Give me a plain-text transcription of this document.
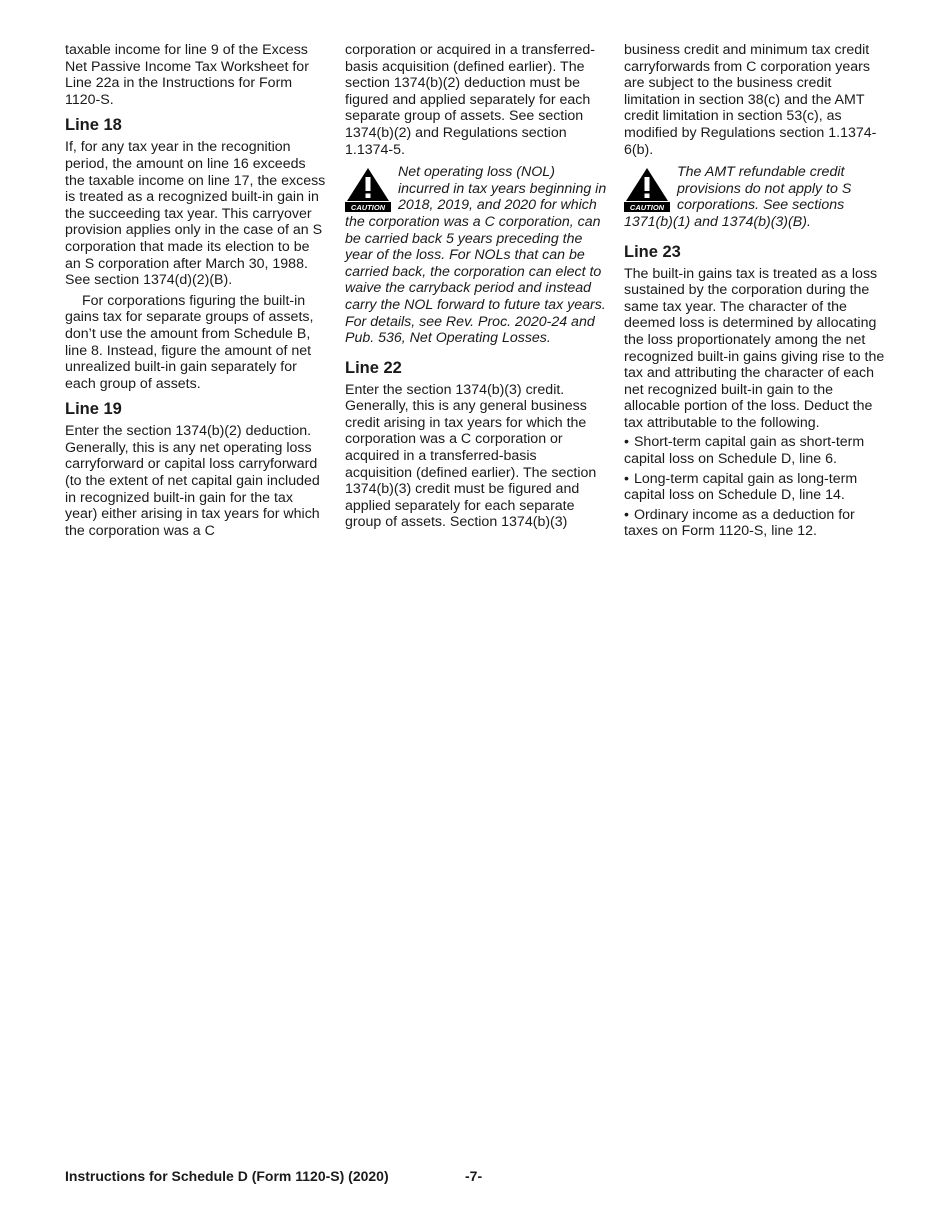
taxable income for line 9 of the Excess Net Passive Income Tax Worksheet for Line 22a in the Instructions for Form 1120-S.

Line 18

If, for any tax year in the recognition period, the amount on line 16 exceeds the taxable income on line 17, the excess is treated as a recognized built-in gain in the succeeding tax year. This carryover provision applies only in the case of an S corporation that made its election to be an S corporation after March 30, 1988. See section 1374(d)(2)(B).

For corporations figuring the built-in gains tax for separate groups of assets, don’t use the amount from Schedule B, line 8. Instead, figure the amount of net unrealized built-in gain separately for each group of assets.

Line 19

Enter the section 1374(b)(2) deduction. Generally, this is any net operating loss carryforward or capital loss carryforward (to the extent of net capital gain included in recognized built-in gain for the tax year) either arising in tax years for which the corporation was a C

corporation or acquired in a transferred-basis acquisition (defined earlier). The section 1374(b)(2) deduction must be figured and applied separately for each separate group of assets. See section 1374(b)(2) and Regulations section 1.1374-5.

CAUTION
Net operating loss (NOL) incurred in tax years beginning in 2018, 2019, and 2020 for which the corporation was a C corporation, can be carried back 5 years preceding the year of the loss. For NOLs that can be carried back, the corporation can elect to waive the carryback period and instead carry the NOL forward to future tax years. For details, see Rev. Proc. 2020-24 and Pub. 536, Net Operating Losses.
Line 22

Enter the section 1374(b)(3) credit. Generally, this is any general business credit arising in tax years for which the corporation was a C corporation or acquired in a transferred-basis acquisition (defined earlier). The section 1374(b)(3) credit must be figured and applied separately for each separate group of assets. Section 1374(b)(3)

business credit and minimum tax credit carryforwards from C corporation years are subject to the business credit limitation in section 38(c) and the AMT credit limitation in section 53(c), as modified by Regulations section 1.1374-6(b).

CAUTION
The AMT refundable credit provisions do not apply to S corporations. See sections 1371(b)(1) and 1374(b)(3)(B).
Line 23

The built-in gains tax is treated as a loss sustained by the corporation during the same tax year. The character of the deemed loss is determined by allocating the loss proportionately among the net recognized built-in gains giving rise to the tax and attributing the character of each net recognized built-in gain to the allocable portion of the loss. Deduct the tax attributable to the following.

• Short-term capital gain as short-term capital loss on Schedule D, line 6.
• Long-term capital gain as long-term capital loss on Schedule D, line 14.
• Ordinary income as a deduction for taxes on Form 1120-S, line 12.
Instructions for Schedule D (Form 1120-S) (2020)	-7-
